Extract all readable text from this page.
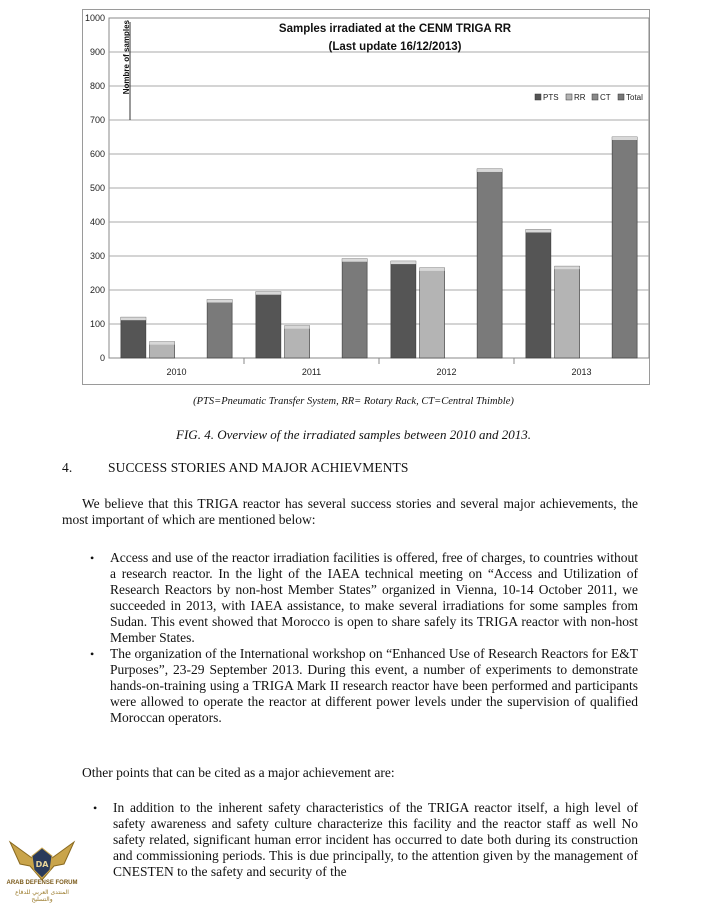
0
100
200
300
400
500
600
700
800
900
1000
2010	2011	2012	2013
Samples irradiated at the CENM TRIGA RR
(Last update 16/12/2013)
Nombre of samples
PTS RR CT Total
(PTS=Pneumatic Transfer System, RR= Rotary Rack, CT=Central Thimble)
FIG. 4. Overview of the irradiated samples between 2010 and 2013.
4.	SUCCESS STORIES AND MAJOR ACHIEVMENTS
We believe that this TRIGA reactor has several success stories and several major achievements, the most important of which are mentioned below:
•	Access and use of the reactor irradiation facilities is offered, free of charges, to countries without a research reactor. In the light of the IAEA technical meeting on “Access and Utilization of Research Reactors by non-host Member States” organized in Vienna, 10-14 October 2011, we succeeded in 2013, with IAEA assistance, to make several irradiations for some samples from Sudan. This event showed that Morocco is open to share safely its TRIGA reactor with non-host Member States.
•	The organization of the International workshop on “Enhanced Use of Research Reactors for E&T Purposes”, 23-29 September 2013. During this event, a number of experiments to demonstrate hands-on-training using a TRIGA Mark II research reactor have been performed and participants were allowed to operate the reactor at different power levels under the supervision of qualified Moroccan operators.
Other points that can be cited as a major achievement are:
•	In addition to the inherent safety characteristics of the TRIGA reactor itself, a high level of safety awareness and safety culture characterize this facility and the reactor staff as well No safety related, significant human error incident has occurred to date both during its construction and commissioning periods. This is due principally, to the attention given by the management of CNESTEN to the safety and security of the
DA
ARAB DEFENSE FORUM
المنتدى العربي للدفاع والتسليح
